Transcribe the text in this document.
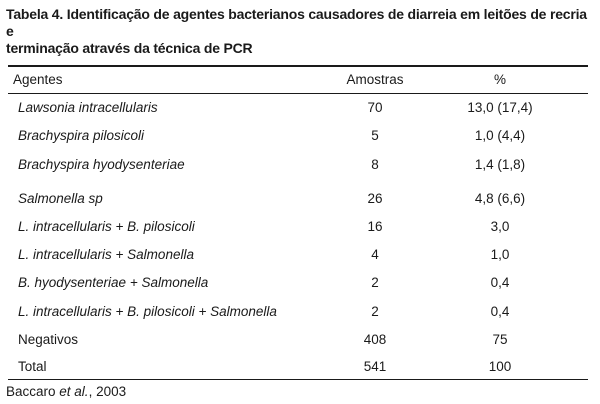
Tabela 4. Identificação de agentes bacterianos causadores de diarreia em leitões de recria e
terminação através da técnica de PCR
Agentes	Amostras	%
Lawsonia intracellularis	70	13,0 (17,4)
Brachyspira pilosicoli	5	1,0 (4,4)
Brachyspira hyodysenteriae	8	1,4 (1,8)
Salmonella sp	26	4,8 (6,6)
L. intracellularis + B. pilosicoli	16	3,0
L. intracellularis + Salmonella	4	1,0
B. hyodysenteriae + Salmonella	2	0,4
L. intracellularis + B. pilosicoli + Salmonella	2	0,4
Negativos	408	75
Total	541	100
Baccaro et al., 2003
